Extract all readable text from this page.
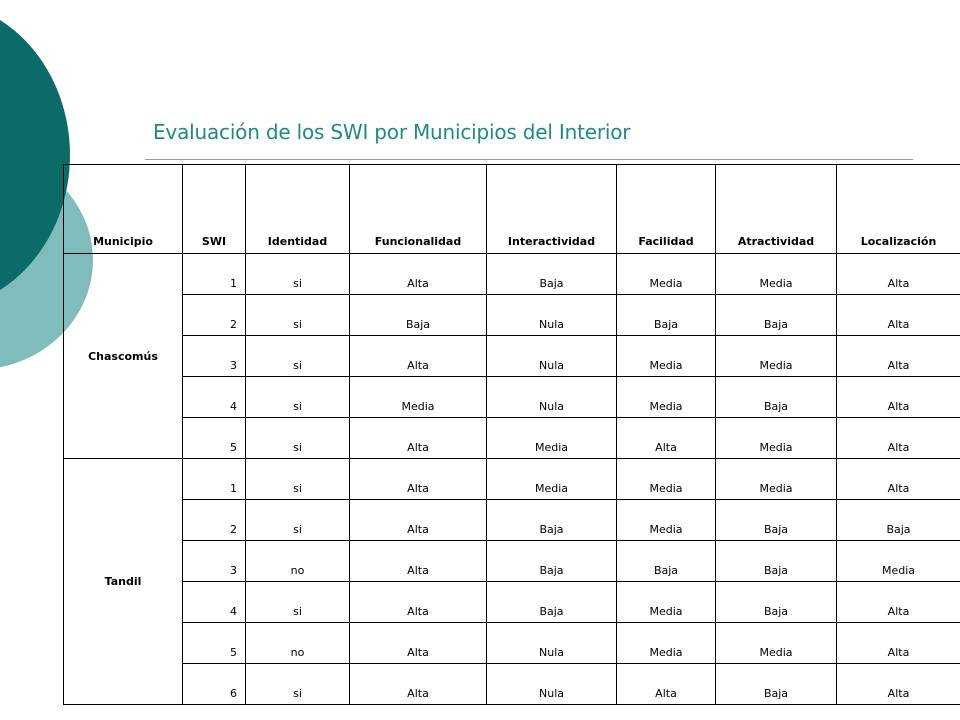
Evaluación de los SWI por Municipios del Interior
Municipio	SWI	Identidad	Funcionalidad	Interactividad	Facilidad	Atractividad	Localización
Chascomús	1	si	Alta	Baja	Media	Media	Alta
	2	si	Baja	Nula	Baja	Baja	Alta
	3	si	Alta	Nula	Media	Media	Alta
	4	si	Media	Nula	Media	Baja	Alta
	5	si	Alta	Media	Alta	Media	Alta
Tandil	1	si	Alta	Media	Media	Media	Alta
	2	si	Alta	Baja	Media	Baja	Baja
	3	no	Alta	Baja	Baja	Baja	Media
	4	si	Alta	Baja	Media	Baja	Alta
	5	no	Alta	Nula	Media	Media	Alta
	6	si	Alta	Nula	Alta	Baja	Alta
